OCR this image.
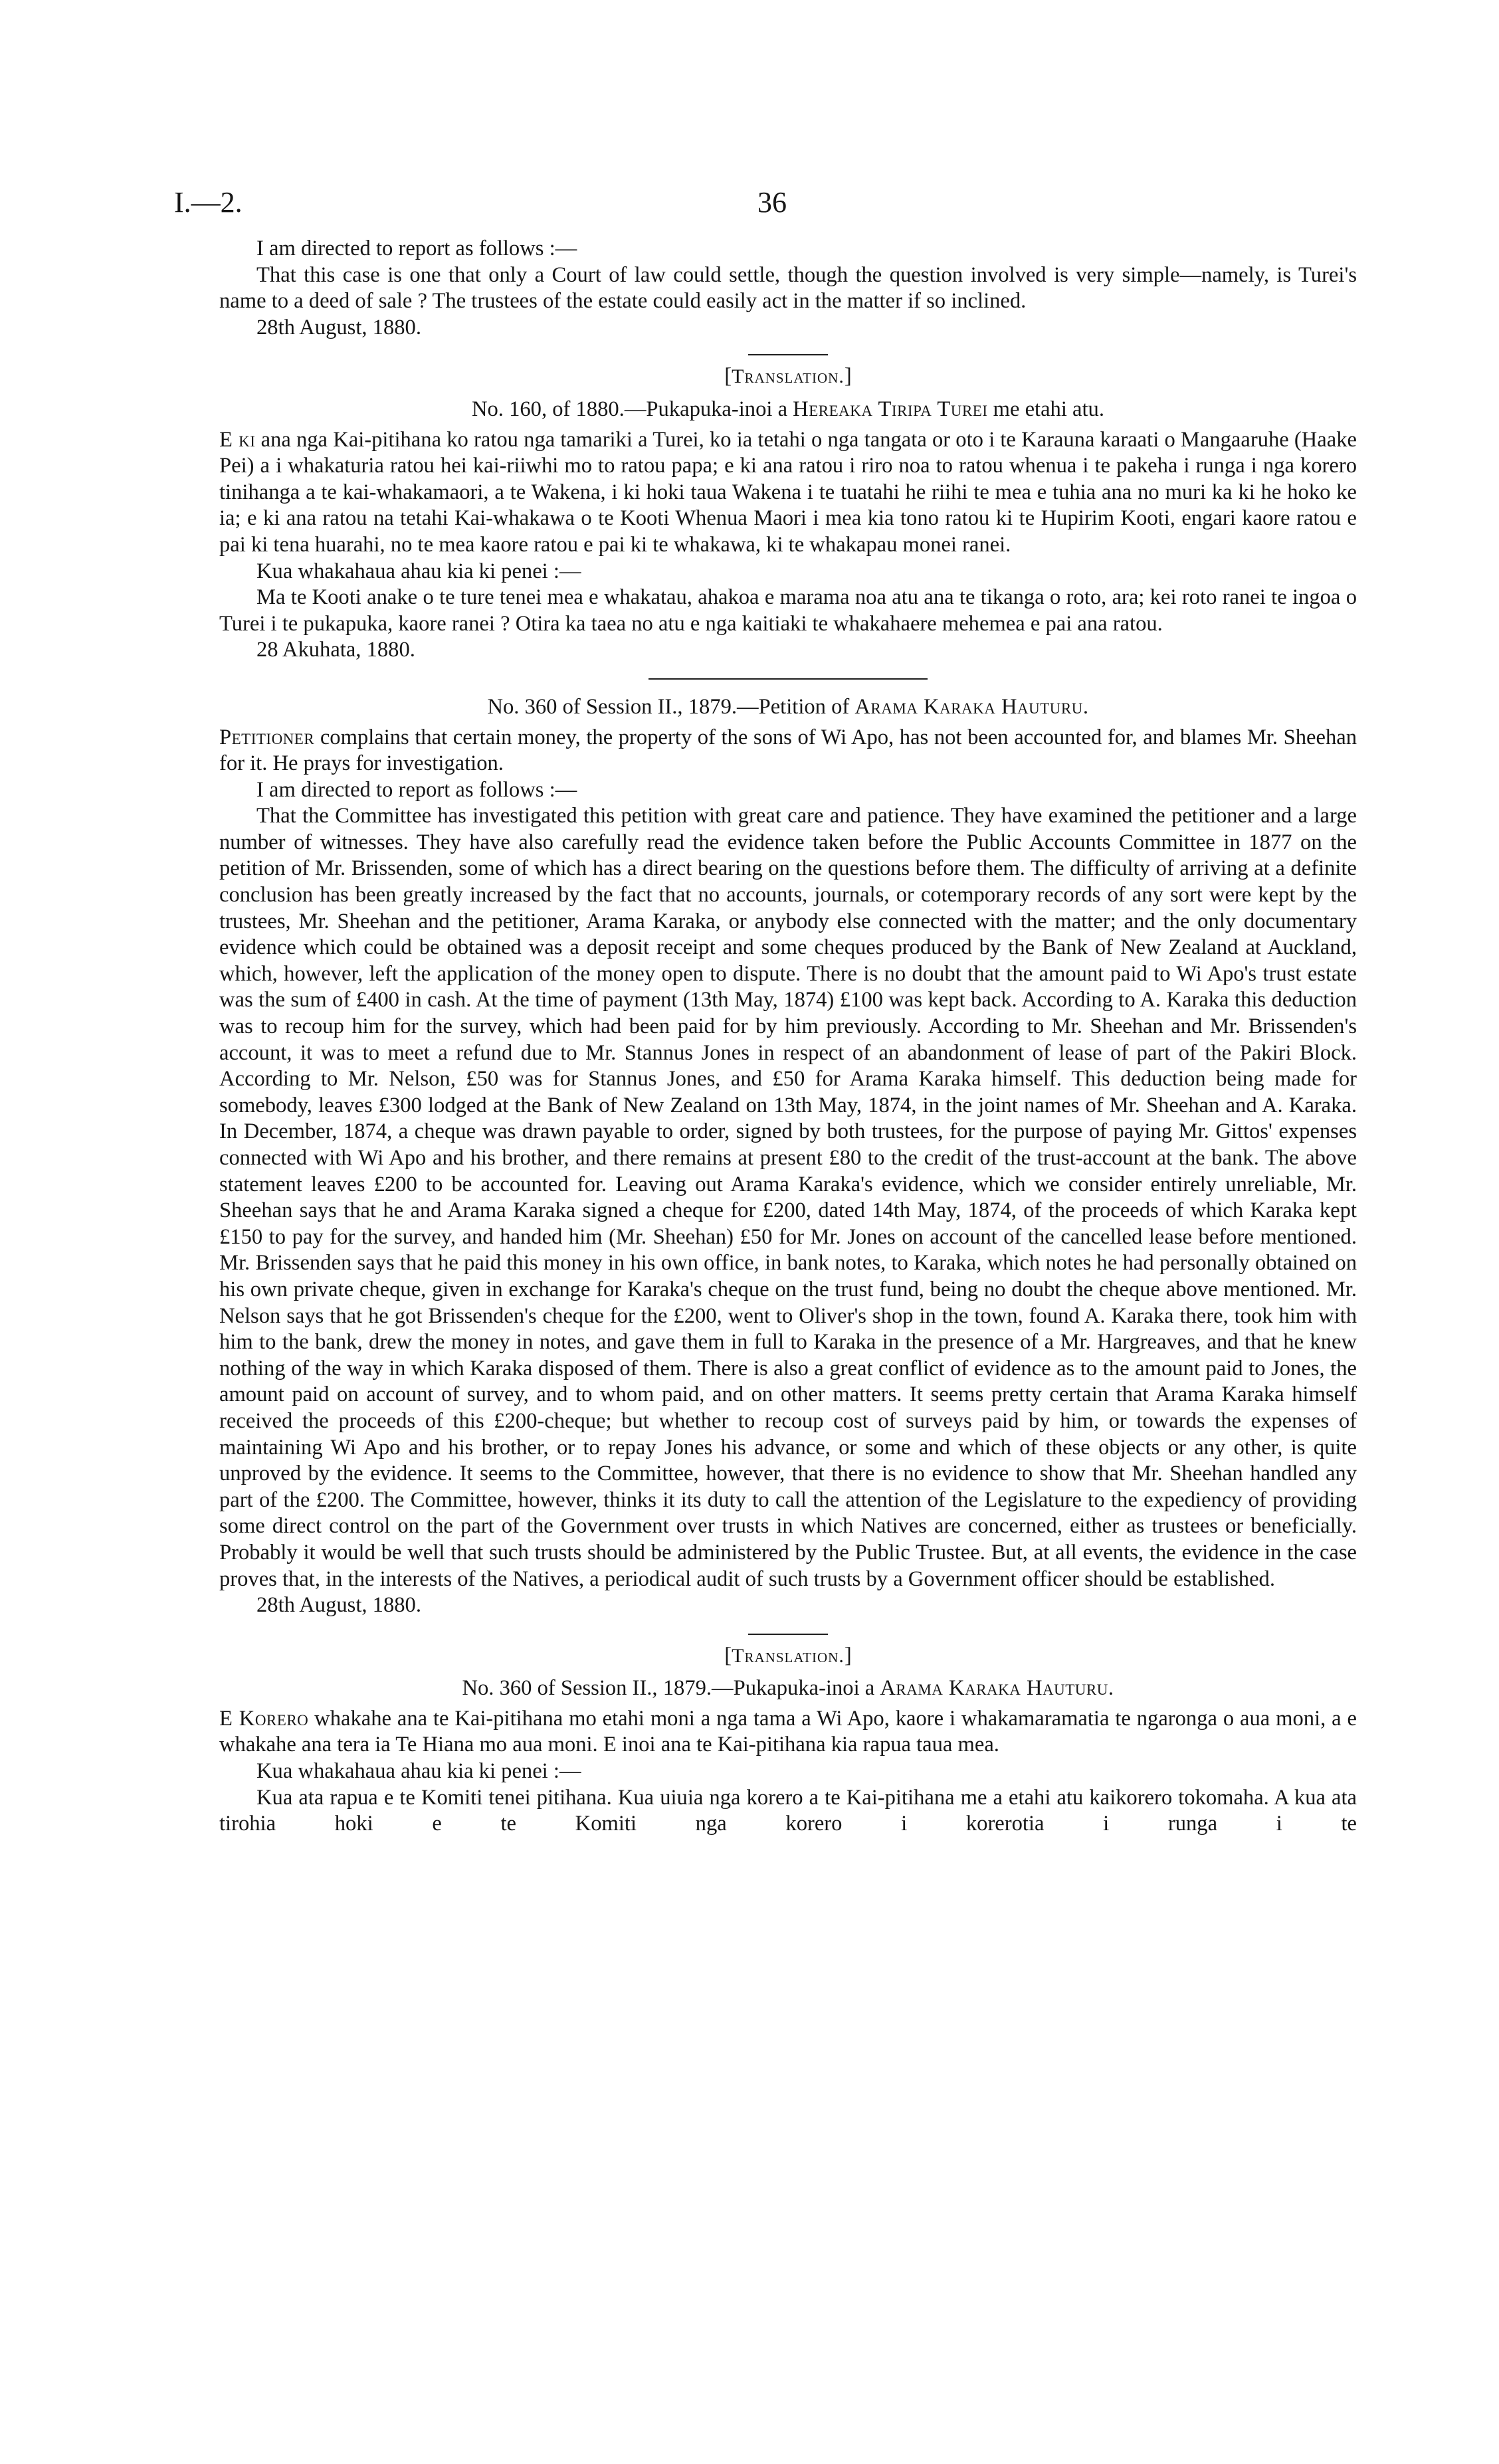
I.—2.	36

I am directed to report as follows :—

That this case is one that only a Court of law could settle, though the question involved is very simple—namely, is Turei's name to a deed of sale ? The trustees of the estate could easily act in the matter if so inclined.

28th August, 1880.

[Translation.]

No. 160, of 1880.—Pukapuka-inoi a Hereaka Tiripa Turei me etahi atu.

E ki ana nga Kai-pitihana ko ratou nga tamariki a Turei, ko ia tetahi o nga tangata or oto i te Karauna karaati o Mangaaruhe (Haake Pei) a i whakaturia ratou hei kai-riiwhi mo to ratou papa; e ki ana ratou i riro noa to ratou whenua i te pakeha i runga i nga korero tinihanga a te kai-whakamaori, a te Wakena, i ki hoki taua Wakena i te tuatahi he riihi te mea e tuhia ana no muri ka ki he hoko ke ia; e ki ana ratou na tetahi Kai-whakawa o te Kooti Whenua Maori i mea kia tono ratou ki te Hupirim Kooti, engari kaore ratou e pai ki tena huarahi, no te mea kaore ratou e pai ki te whakawa, ki te whakapau monei ranei.

Kua whakahaua ahau kia ki penei :—

Ma te Kooti anake o te ture tenei mea e whakatau, ahakoa e marama noa atu ana te tikanga o roto, ara; kei roto ranei te ingoa o Turei i te pukapuka, kaore ranei ? Otira ka taea no atu e nga kaitiaki te whakahaere mehemea e pai ana ratou.

28 Akuhata, 1880.

No. 360 of Session II., 1879.—Petition of Arama Karaka Hauturu.

Petitioner complains that certain money, the property of the sons of Wi Apo, has not been accounted for, and blames Mr. Sheehan for it. He prays for investigation.

I am directed to report as follows :—

That the Committee has investigated this petition with great care and patience. They have examined the petitioner and a large number of witnesses. They have also carefully read the evidence taken before the Public Accounts Committee in 1877 on the petition of Mr. Brissenden, some of which has a direct bearing on the questions before them. The difficulty of arriving at a definite conclusion has been greatly increased by the fact that no accounts, journals, or cotemporary records of any sort were kept by the trustees, Mr. Sheehan and the petitioner, Arama Karaka, or anybody else connected with the matter; and the only documentary evidence which could be obtained was a deposit receipt and some cheques produced by the Bank of New Zealand at Auckland, which, however, left the application of the money open to dispute. There is no doubt that the amount paid to Wi Apo's trust estate was the sum of £400 in cash. At the time of payment (13th May, 1874) £100 was kept back. According to A. Karaka this deduction was to recoup him for the survey, which had been paid for by him previously. According to Mr. Sheehan and Mr. Brissenden's account, it was to meet a refund due to Mr. Stannus Jones in respect of an abandonment of lease of part of the Pakiri Block. According to Mr. Nelson, £50 was for Stannus Jones, and £50 for Arama Karaka himself. This deduction being made for somebody, leaves £300 lodged at the Bank of New Zealand on 13th May, 1874, in the joint names of Mr. Sheehan and A. Karaka. In December, 1874, a cheque was drawn payable to order, signed by both trustees, for the purpose of paying Mr. Gittos' expenses connected with Wi Apo and his brother, and there remains at present £80 to the credit of the trust-account at the bank. The above statement leaves £200 to be accounted for. Leaving out Arama Karaka's evidence, which we consider entirely unreliable, Mr. Sheehan says that he and Arama Karaka signed a cheque for £200, dated 14th May, 1874, of the proceeds of which Karaka kept £150 to pay for the survey, and handed him (Mr. Sheehan) £50 for Mr. Jones on account of the cancelled lease before mentioned. Mr. Brissenden says that he paid this money in his own office, in bank notes, to Karaka, which notes he had personally obtained on his own private cheque, given in exchange for Karaka's cheque on the trust fund, being no doubt the cheque above mentioned. Mr. Nelson says that he got Brissenden's cheque for the £200, went to Oliver's shop in the town, found A. Karaka there, took him with him to the bank, drew the money in notes, and gave them in full to Karaka in the presence of a Mr. Hargreaves, and that he knew nothing of the way in which Karaka disposed of them. There is also a great conflict of evidence as to the amount paid to Jones, the amount paid on account of survey, and to whom paid, and on other matters. It seems pretty certain that Arama Karaka himself received the proceeds of this £200-cheque; but whether to recoup cost of surveys paid by him, or towards the expenses of maintaining Wi Apo and his brother, or to repay Jones his advance, or some and which of these objects or any other, is quite unproved by the evidence. It seems to the Committee, however, that there is no evidence to show that Mr. Sheehan handled any part of the £200. The Committee, however, thinks it its duty to call the attention of the Legislature to the expediency of providing some direct control on the part of the Government over trusts in which Natives are concerned, either as trustees or beneficially. Probably it would be well that such trusts should be administered by the Public Trustee. But, at all events, the evidence in the case proves that, in the interests of the Natives, a periodical audit of such trusts by a Government officer should be established.

28th August, 1880.

[Translation.]

No. 360 of Session II., 1879.—Pukapuka-inoi a Arama Karaka Hauturu.

E Korero whakahe ana te Kai-pitihana mo etahi moni a nga tama a Wi Apo, kaore i whakamaramatia te ngaronga o aua moni, a e whakahe ana tera ia Te Hiana mo aua moni. E inoi ana te Kai-pitihana kia rapua taua mea.

Kua whakahaua ahau kia ki penei :—

Kua ata rapua e te Komiti tenei pitihana. Kua uiuia nga korero a te Kai-pitihana me a etahi atu kaikorero tokomaha. A kua ata tirohia hoki e te Komiti nga korero i korerotia i runga i te
